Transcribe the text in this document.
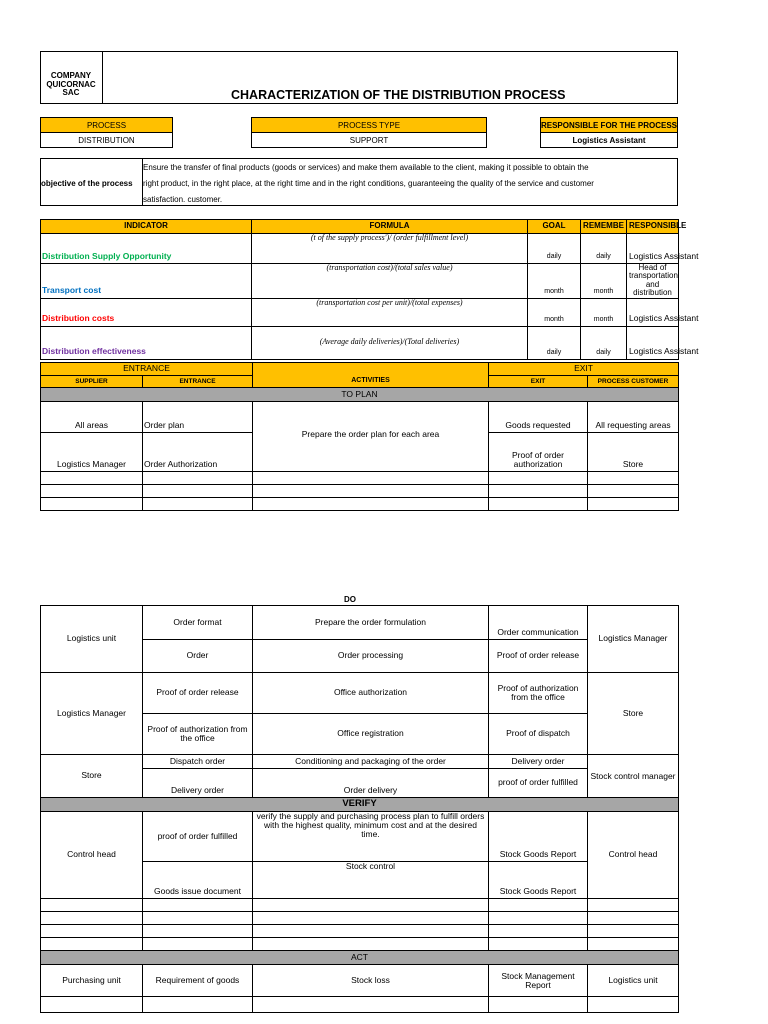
COMPANY
QUICORNAC
SAC	CHARACTERIZATION OF THE DISTRIBUTION PROCESS
PROCESS
DISTRIBUTION
PROCESS TYPE
SUPPORT
RESPONSIBLE FOR THE PROCESS
Logistics Assistant
objective of the process
Ensure the transfer of final products (goods or services) and make them available to the client, making it possible to obtain the
right product, in the right place, at the right time and in the right conditions, guaranteeing the quality of the service and customer
satisfaction. customer.
INDICATOR	FORMULA	GOAL	REMEMBE	RESPONSIBLE
Distribution Supply Opportunity	(t of the supply process')/ (order fulfillment level)	daily	daily	Logistics Assistant
Transport cost	(transportation cost)/(total sales value)	month	month	Head of transportation and distribution
Distribution costs	(transportation cost per unit)/(total expenses)	month	month	Logistics Assistant
Distribution effectiveness	(Average daily deliveries)/(Total deliveries)	daily	daily	Logistics Assistant
ENTRANCE		ACTIVITIES	EXIT	
SUPPLIER	ENTRANCE		EXIT	PROCESS CUSTOMER
TO PLAN				
All areas	Order plan	Prepare the order plan for each area	Goods requested	All requesting areas
Logistics Manager	Order Authorization		Proof of order authorization	Store

DO
Logistics unit	Order format	Prepare the order formulation	Order communication	Logistics Manager
	Order	Order processing	Proof of order release	
Logistics Manager	Proof of order release	Office authorization	Proof of authorization from the office	Store
	Proof of authorization from the office	Office registration	Proof of dispatch	
Store	Dispatch order	Conditioning and packaging of the order	Delivery order	Stock control manager
	Delivery order	Order delivery	proof of order fulfilled	
VERIFY				
Control head	proof of order fulfilled	verify the supply and purchasing process plan to fulfill orders with the highest quality, minimum cost and at the desired time.	Stock Goods Report	Control head
	Goods issue document	Stock control	Stock Goods Report	

ACT				
Purchasing unit	Requirement of goods	Stock loss	Stock Management Report	Logistics unit
